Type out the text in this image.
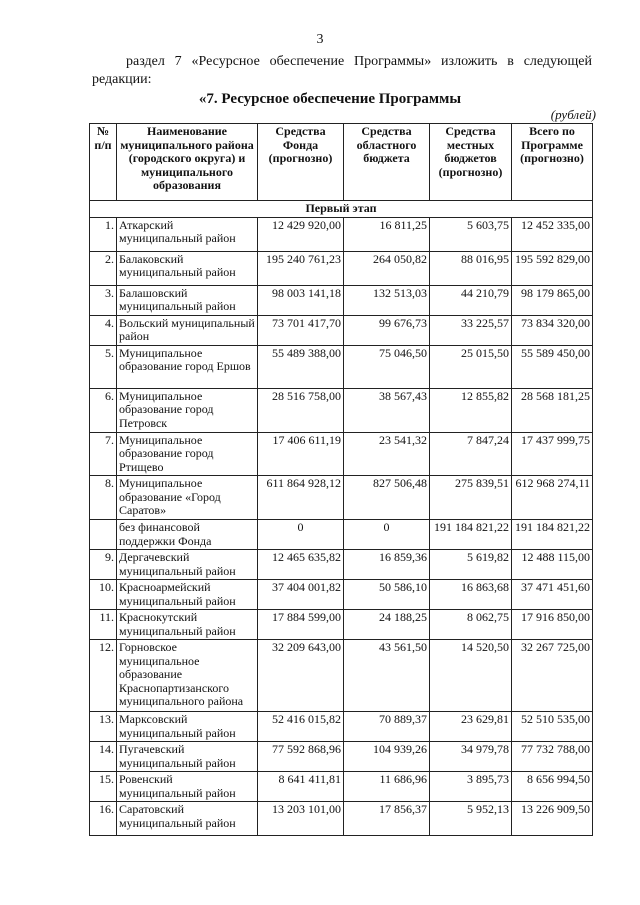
3
раздел 7 «Ресурсное обеспечение Программы» изложить в следующей
редакции:
«7. Ресурсное обеспечение Программы
(рублей)
№ п/п	Наименование муниципального района (городского округа) и муниципального образования	Средства Фонда (прогнозно)	Средства областного бюджета	Средства местных бюджетов (прогнозно)	Всего по Программе (прогнозно)
Первый этап					
1.	Аткарский муниципальный район	12 429 920,00	16 811,25	5 603,75	12 452 335,00
2.	Балаковский муниципальный район	195 240 761,23	264 050,82	88 016,95	195 592 829,00
3.	Балашовский муниципальный район	98 003 141,18	132 513,03	44 210,79	98 179 865,00
4.	Вольский муниципальный район	73 701 417,70	99 676,73	33 225,57	73 834 320,00
5.	Муниципальное образование город Ершов	55 489 388,00	75 046,50	25 015,50	55 589 450,00
6.	Муниципальное образование город Петровск	28 516 758,00	38 567,43	12 855,82	28 568 181,25
7.	Муниципальное образование город Ртищево	17 406 611,19	23 541,32	7 847,24	17 437 999,75
8.	Муниципальное образование «Город Саратов»	611 864 928,12	827 506,48	275 839,51	612 968 274,11
	без финансовой поддержки Фонда	0	0	191 184 821,22	191 184 821,22
9.	Дергачевский муниципальный район	12 465 635,82	16 859,36	5 619,82	12 488 115,00
10.	Красноармейский муниципальный район	37 404 001,82	50 586,10	16 863,68	37 471 451,60
11.	Краснокутский муниципальный район	17 884 599,00	24 188,25	8 062,75	17 916 850,00
12.	Горновское муниципальное образование Краснопартизанского муниципального района	32 209 643,00	43 561,50	14 520,50	32 267 725,00
13.	Марксовский муниципальный район	52 416 015,82	70 889,37	23 629,81	52 510 535,00
14.	Пугачевский муниципальный район	77 592 868,96	104 939,26	34 979,78	77 732 788,00
15.	Ровенский муниципальный район	8 641 411,81	11 686,96	3 895,73	8 656 994,50
16.	Саратовский муниципальный район	13 203 101,00	17 856,37	5 952,13	13 226 909,50
